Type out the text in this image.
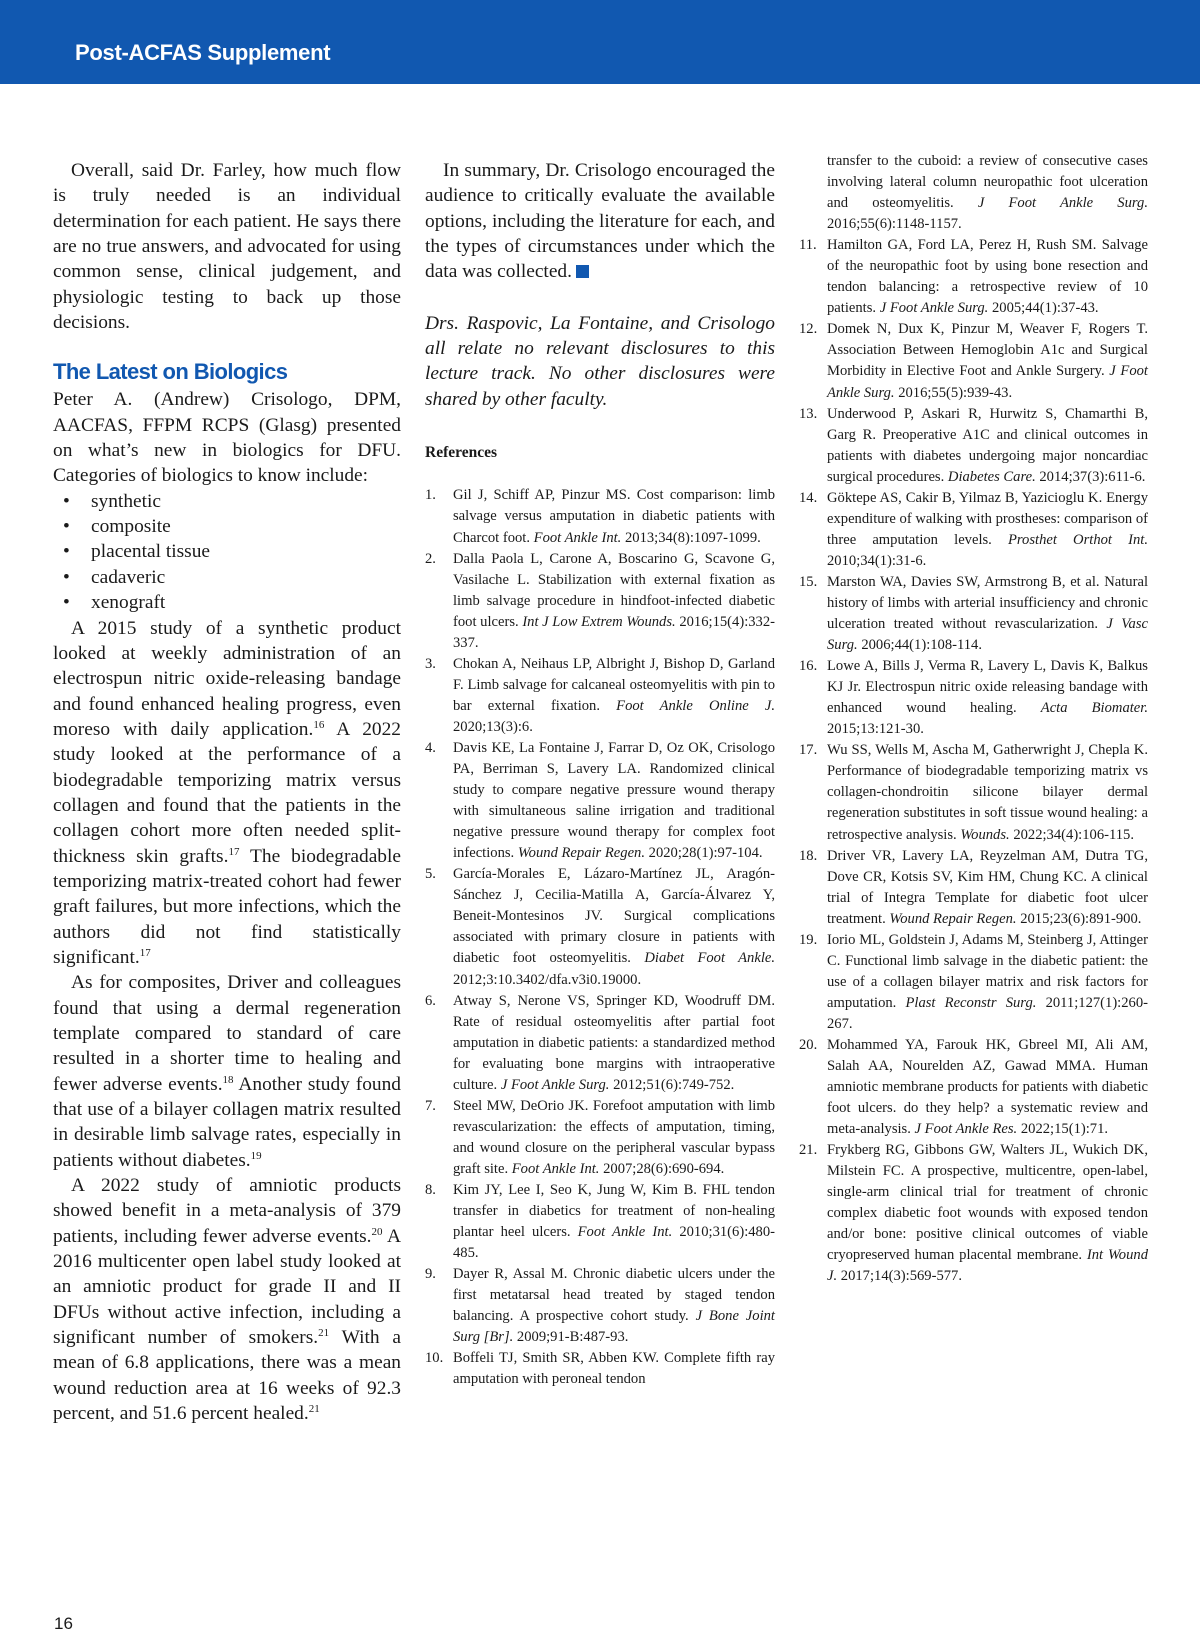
Post-ACFAS Supplement

Overall, said Dr. Farley, how much flow is truly needed is an individual determination for each patient. He says there are no true answers, and advocated for using common sense, clinical judgement, and physiologic testing to back up those decisions.

The Latest on Biologics

Peter A. (Andrew) Crisologo, DPM, AACFAS, FFPM RCPS (Glasg) presented on what’s new in biologics for DFU. Categories of biologics to know include:

• synthetic
• composite
• placental tissue
• cadaveric
• xenograft

A 2015 study of a synthetic product looked at weekly administration of an electrospun nitric oxide-releasing bandage and found enhanced healing progress, even moreso with daily application.$^{16}$ A 2022 study looked at the performance of a biodegradable temporizing matrix versus collagen and found that the patients in the collagen cohort more often needed split-thickness skin grafts.$^{17}$ The biodegradable temporizing matrix-treated cohort had fewer graft failures, but more infections, which the authors did not find statistically significant.$^{17}$

As for composites, Driver and colleagues found that using a dermal regeneration template compared to standard of care resulted in a shorter time to healing and fewer adverse events.$^{18}$ Another study found that use of a bilayer collagen matrix resulted in desirable limb salvage rates, especially in patients without diabetes.$^{19}$

A 2022 study of amniotic products showed benefit in a meta-analysis of 379 patients, including fewer adverse events.$^{20}$ A 2016 multicenter open label study looked at an amniotic product for grade II and II DFUs without active infection, including a significant number of smokers.$^{21}$ With a mean of 6.8 applications, there was a mean wound reduction area at 16 weeks of 92.3 percent, and 51.6 percent healed.$^{21}$

In summary, Dr. Crisologo encouraged the audience to critically evaluate the available options, including the literature for each, and the types of circumstances under which the data was collected.

Drs. Raspovic, La Fontaine, and Crisologo all relate no relevant disclosures to this lecture track. No other disclosures were shared by other faculty.

References
1.	Gil J, Schiff AP, Pinzur MS. Cost comparison: limb salvage versus amputation in diabetic patients with Charcot foot. Foot Ankle Int. 2013;34(8):1097-1099.
2.	Dalla Paola L, Carone A, Boscarino G, Scavone G, Vasilache L. Stabilization with external fixation as limb salvage procedure in hindfoot-infected diabetic foot ulcers. Int J Low Extrem Wounds. 2016;15(4):332-337.
3.	Chokan A, Neihaus LP, Albright J, Bishop D, Garland F. Limb salvage for calcaneal osteomyelitis with pin to bar external fixation. Foot Ankle Online J. 2020;13(3):6.
4.	Davis KE, La Fontaine J, Farrar D, Oz OK, Crisologo PA, Berriman S, Lavery LA. Randomized clinical study to compare negative pressure wound therapy with simultaneous saline irrigation and traditional negative pressure wound therapy for complex foot infections. Wound Repair Regen. 2020;28(1):97-104.
5.	García-Morales E, Lázaro-Martínez JL, Aragón-Sánchez J, Cecilia-Matilla A, García-Álvarez Y, Beneit-Montesinos JV. Surgical complications associated with primary closure in patients with diabetic foot osteomyelitis. Diabet Foot Ankle. 2012;3:10.3402/dfa.v3i0.19000.
6.	Atway S, Nerone VS, Springer KD, Woodruff DM. Rate of residual osteomyelitis after partial foot amputation in diabetic patients: a standardized method for evaluating bone margins with intraoperative culture. J Foot Ankle Surg. 2012;51(6):749-752.
7.	Steel MW, DeOrio JK. Forefoot amputation with limb revascularization: the effects of amputation, timing, and wound closure on the peripheral vascular bypass graft site. Foot Ankle Int. 2007;28(6):690-694.
8.	Kim JY, Lee I, Seo K, Jung W, Kim B. FHL tendon transfer in diabetics for treatment of non-healing plantar heel ulcers. Foot Ankle Int. 2010;31(6):480-485.
9.	Dayer R, Assal M. Chronic diabetic ulcers under the first metatarsal head treated by staged tendon balancing. A prospective cohort study. J Bone Joint Surg [Br]. 2009;91-B:487-93.
10. Boffeli TJ, Smith SR, Abben KW. Complete fifth ray amputation with peroneal tendon
transfer to the cuboid: a review of consecutive cases involving lateral column neuropathic foot ulceration and osteomyelitis. J Foot Ankle Surg. 2016;55(6):1148-1157.
11. Hamilton GA, Ford LA, Perez H, Rush SM. Salvage of the neuropathic foot by using bone resection and tendon balancing: a retrospective review of 10 patients. J Foot Ankle Surg. 2005;44(1):37-43.
12. Domek N, Dux K, Pinzur M, Weaver F, Rogers T. Association Between Hemoglobin A1c and Surgical Morbidity in Elective Foot and Ankle Surgery. J Foot Ankle Surg. 2016;55(5):939-43.
13. Underwood P, Askari R, Hurwitz S, Chamarthi B, Garg R. Preoperative A1C and clinical outcomes in patients with diabetes undergoing major noncardiac surgical procedures. Diabetes Care. 2014;37(3):611-6.
14. Göktepe AS, Cakir B, Yilmaz B, Yazicioglu K. Energy expenditure of walking with prostheses: comparison of three amputation levels. Prosthet Orthot Int. 2010;34(1):31-6.
15. Marston WA, Davies SW, Armstrong B, et al. Natural history of limbs with arterial insufficiency and chronic ulceration treated without revascularization. J Vasc Surg. 2006;44(1):108-114.
16. Lowe A, Bills J, Verma R, Lavery L, Davis K, Balkus KJ Jr. Electrospun nitric oxide releasing bandage with enhanced wound healing. Acta Biomater. 2015;13:121-30.
17. Wu SS, Wells M, Ascha M, Gatherwright J, Chepla K. Performance of biodegradable temporizing matrix vs collagen-chondroitin silicone bilayer dermal regeneration substitutes in soft tissue wound healing: a retrospective analysis. Wounds. 2022;34(4):106-115.
18. Driver VR, Lavery LA, Reyzelman AM, Dutra TG, Dove CR, Kotsis SV, Kim HM, Chung KC. A clinical trial of Integra Template for diabetic foot ulcer treatment. Wound Repair Regen. 2015;23(6):891-900.
19. Iorio ML, Goldstein J, Adams M, Steinberg J, Attinger C. Functional limb salvage in the diabetic patient: the use of a collagen bilayer matrix and risk factors for amputation. Plast Reconstr Surg. 2011;127(1):260-267.
20. Mohammed YA, Farouk HK, Gbreel MI, Ali AM, Salah AA, Nourelden AZ, Gawad MMA. Human amniotic membrane products for patients with diabetic foot ulcers. do they help? a systematic review and meta-analysis. J Foot Ankle Res. 2022;15(1):71.
21. Frykberg RG, Gibbons GW, Walters JL, Wukich DK, Milstein FC. A prospective, multicentre, open-label, single-arm clinical trial for treatment of chronic complex diabetic foot wounds with exposed tendon and/or bone: positive clinical outcomes of viable cryopreserved human placental membrane. Int Wound J. 2017;14(3):569-577.
16
